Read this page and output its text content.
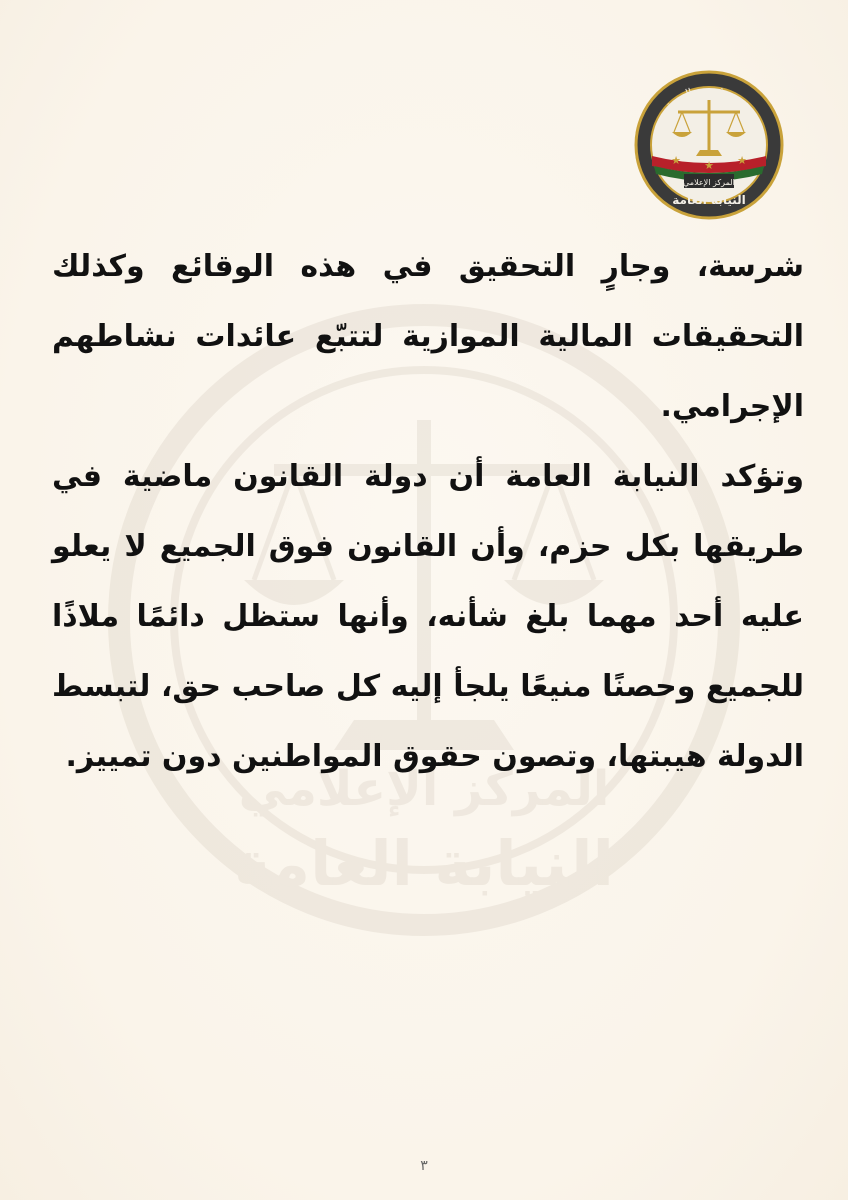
المركز الإعلامي
النيابة العامة
★ ★ ★
المركز الإعلامي
النيابة العامة
جمهورية مصر العربية

شرسة، وجارٍ التحقيق في هذه الوقائع وكذلك التحقيقات المالية الموازية لتتبّع عائدات نشاطهم الإجرامي.

وتؤكد النيابة العامة أن دولة القانون ماضية في طريقها بكل حزم، وأن القانون فوق الجميع لا يعلو عليه أحد مهما بلغ شأنه، وأنها ستظل دائمًا ملاذًا للجميع وحصنًا منيعًا يلجأ إليه كل صاحب حق، لتبسط الدولة هيبتها، وتصون حقوق المواطنين دون تمييز.

٣
